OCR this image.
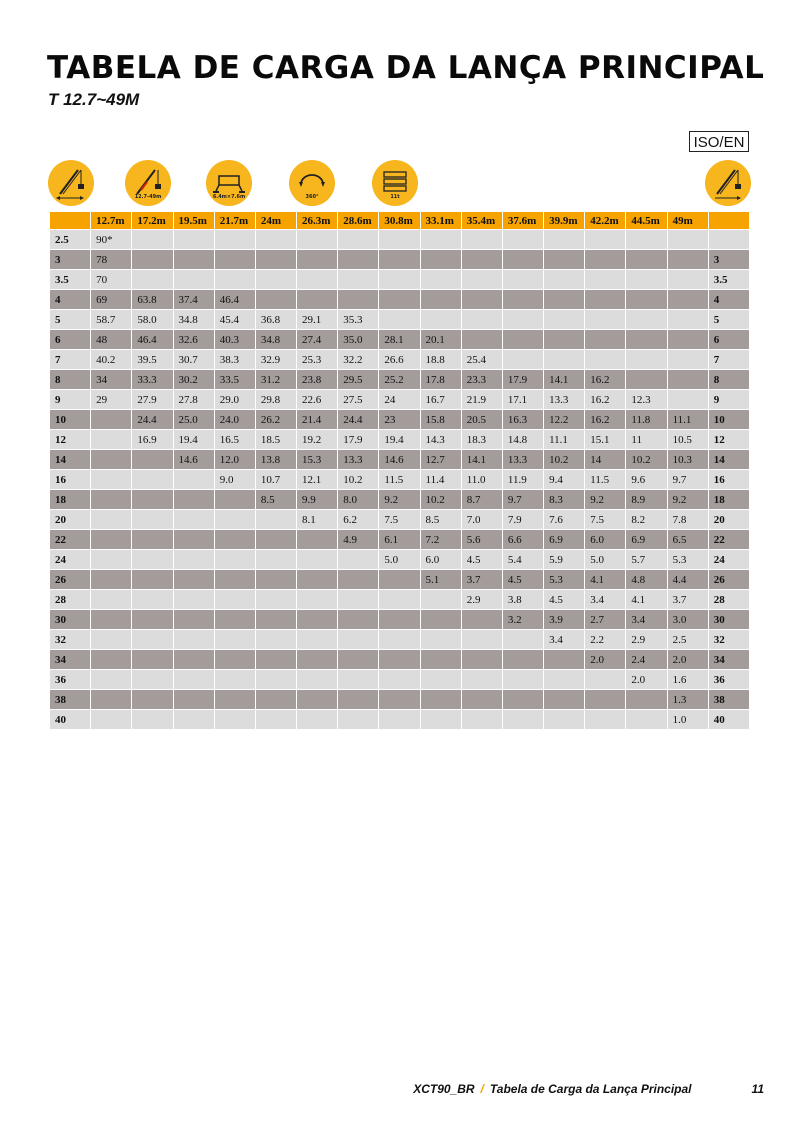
TABELA DE CARGA DA LANÇA PRINCIPAL
T 12.7~49M
ISO/EN
12.7-49m	6.4m×7.6m	360°	11t
	12.7m	17.2m	19.5m	21.7m	24m	26.3m	28.6m	30.8m	33.1m	35.4m	37.6m	39.9m	42.2m	44.5m	49m	
2.5	90*															
3	78															3
3.5	70															3.5
4	69	63.8	37.4	46.4												4
5	58.7	58.0	34.8	45.4	36.8	29.1	35.3									5
6	48	46.4	32.6	40.3	34.8	27.4	35.0	28.1	20.1							6
7	40.2	39.5	30.7	38.3	32.9	25.3	32.2	26.6	18.8	25.4						7
8	34	33.3	30.2	33.5	31.2	23.8	29.5	25.2	17.8	23.3	17.9	14.1	16.2			8
9	29	27.9	27.8	29.0	29.8	22.6	27.5	24	16.7	21.9	17.1	13.3	16.2	12.3		9
10		24.4	25.0	24.0	26.2	21.4	24.4	23	15.8	20.5	16.3	12.2	16.2	11.8	11.1	10
12		16.9	19.4	16.5	18.5	19.2	17.9	19.4	14.3	18.3	14.8	11.1	15.1	11	10.5	12
14			14.6	12.0	13.8	15.3	13.3	14.6	12.7	14.1	13.3	10.2	14	10.2	10.3	14
16				9.0	10.7	12.1	10.2	11.5	11.4	11.0	11.9	9.4	11.5	9.6	9.7	16
18					8.5	9.9	8.0	9.2	10.2	8.7	9.7	8.3	9.2	8.9	9.2	18
20						8.1	6.2	7.5	8.5	7.0	7.9	7.6	7.5	8.2	7.8	20
22							4.9	6.1	7.2	5.6	6.6	6.9	6.0	6.9	6.5	22
24								5.0	6.0	4.5	5.4	5.9	5.0	5.7	5.3	24
26									5.1	3.7	4.5	5.3	4.1	4.8	4.4	26
28										2.9	3.8	4.5	3.4	4.1	3.7	28
30											3.2	3.9	2.7	3.4	3.0	30
32												3.4	2.2	2.9	2.5	32
34													2.0	2.4	2.0	34
36														2.0	1.6	36
38															1.3	38
40															1.0	40
XCT90_BR / Tabela de Carga da Lança Principal	11
